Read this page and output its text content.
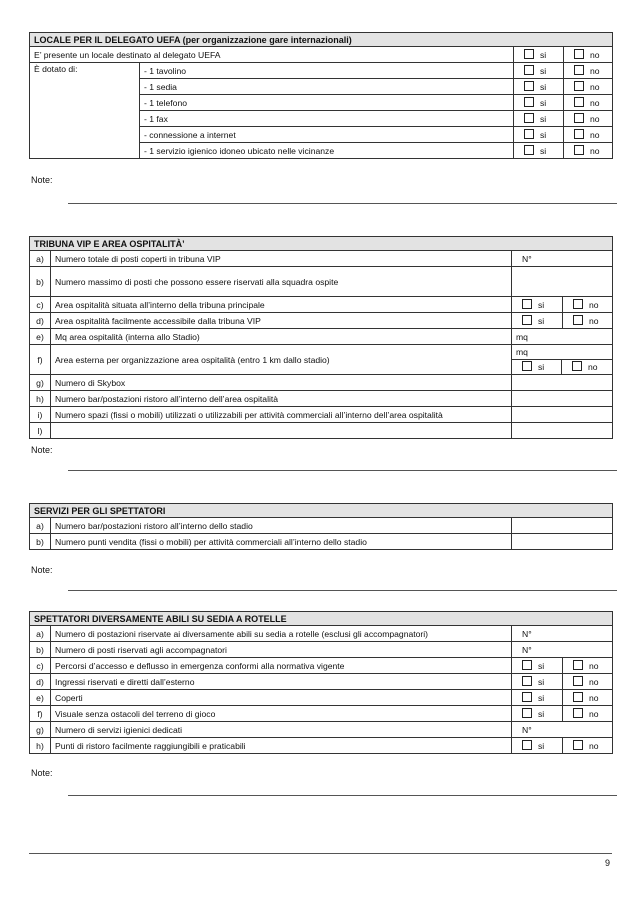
LOCALE PER IL DELEGATO UEFA (per organizzazione gare internazionali)			
E’ presente un locale destinato al delegato UEFA		si	no
È dotato di:	- 1 tavolino	si	no
	- 1 sedia	si	no
	- 1 telefono	si	no
	- 1 fax	si	no
	- connessione a internet	si	no
	- 1 servizio igienico idoneo ubicato nelle vicinanze	si	no
Note:
TRIBUNA VIP E AREA OSPITALITÀ’			
a)	Numero totale di posti coperti in tribuna VIP	N°	
b)	Numero massimo di posti che possono essere riservati alla squadra ospite		
c)	Area ospitalità situata all’interno della tribuna principale	si	no
d)	Area ospitalità facilmente accessibile dalla tribuna VIP	si	no
e)	Mq area ospitalità (interna allo Stadio)	mq	
f)	Area esterna per organizzazione area ospitalità (entro 1 km dallo stadio)	mq
si no	

g)	Numero di Skybox		
h)	Numero bar/postazioni ristoro all’interno dell’area ospitalità		
i)	Numero spazi (fissi o mobili) utilizzati o utilizzabili per attività commerciali all’interno dell’area ospitalità		
l)			
Note:
SERVIZI PER GLI SPETTATORI		
a)	Numero bar/postazioni ristoro all’interno dello stadio	
b)	Numero punti vendita (fissi o mobili) per attività commerciali all’interno dello stadio	
Note:
SPETTATORI DIVERSAMENTE ABILI SU SEDIA A ROTELLE			
a)	Numero di postazioni riservate ai diversamente abili su sedia a rotelle (esclusi gli accompagnatori)	N°	
b)	Numero di posti riservati agli accompagnatori	N°	
c)	Percorsi d’accesso e deflusso in emergenza conformi alla normativa vigente	si	no
d)	Ingressi riservati e diretti dall’esterno	si	no
e)	Coperti	si	no
f)	Visuale senza ostacoli del terreno di gioco	si	no
g)	Numero di servizi igienici dedicati	N°	
h)	Punti di ristoro facilmente raggiungibili e praticabili	si	no
Note:
9
